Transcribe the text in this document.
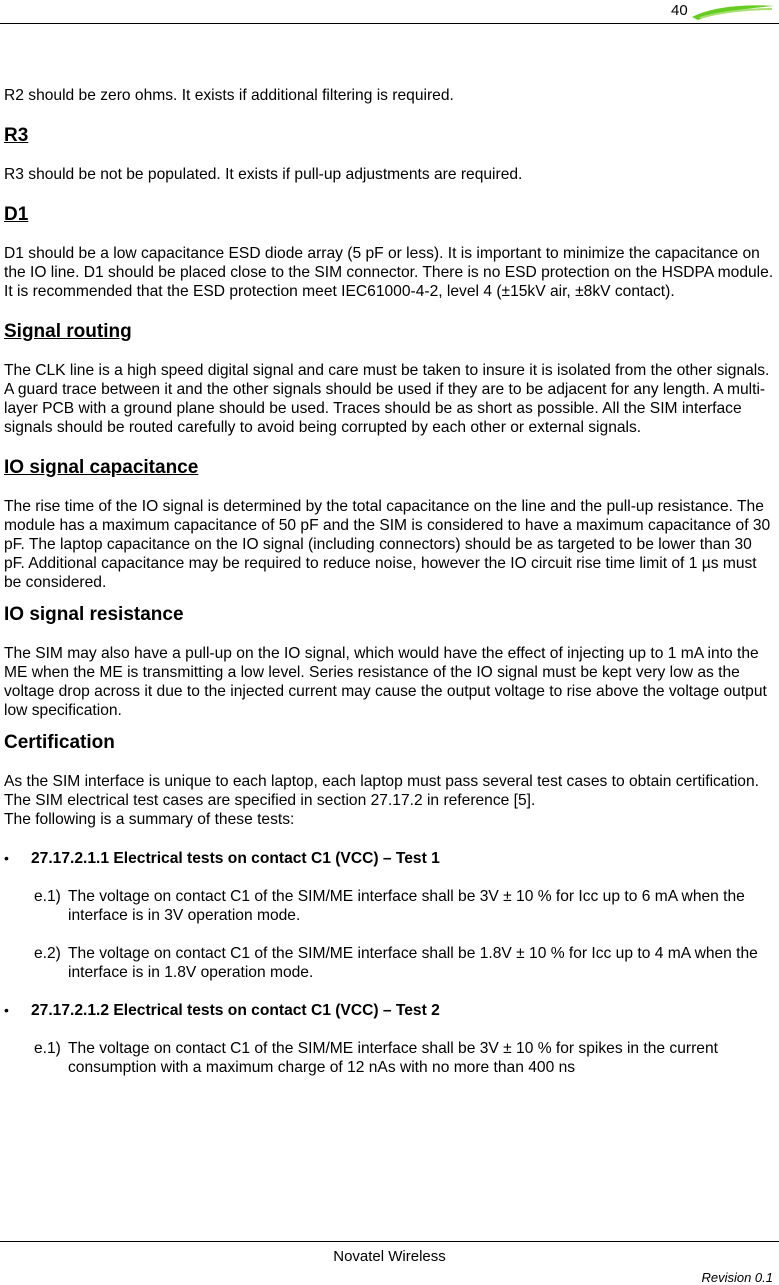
40

R2 should be zero ohms. It exists if additional filtering is required.

R3

R3 should be not be populated. It exists if pull-up adjustments are required.

D1

D1 should be a low capacitance ESD diode array (5 pF or less). It is important to minimize the capacitance on the IO line. D1 should be placed close to the SIM connector. There is no ESD protection on the HSDPA module. It is recommended that the ESD protection meet IEC61000-4-2, level 4 (±15kV air, ±8kV contact).

Signal routing

The CLK line is a high speed digital signal and care must be taken to insure it is isolated from the other signals. A guard trace between it and the other signals should be used if they are to be adjacent for any length. A multi-layer PCB with a ground plane should be used. Traces should be as short as possible. All the SIM interface signals should be routed carefully to avoid being corrupted by each other or external signals.

IO signal capacitance

The rise time of the IO signal is determined by the total capacitance on the line and the pull-up resistance. The module has a maximum capacitance of 50 pF and the SIM is considered to have a maximum capacitance of 30 pF. The laptop capacitance on the IO signal (including connectors) should be as targeted to be lower than 30 pF. Additional capacitance may be required to reduce noise, however the IO circuit rise time limit of 1 µs must be considered.

IO signal resistance

The SIM may also have a pull-up on the IO signal, which would have the effect of injecting up to 1 mA into the ME when the ME is transmitting a low level. Series resistance of the IO signal must be kept very low as the voltage drop across it due to the injected current may cause the output voltage to rise above the voltage output low specification.

Certification

As the SIM interface is unique to each laptop, each laptop must pass several test cases to obtain certification. The SIM electrical test cases are specified in section 27.17.2 in reference [5].

The following is a summary of these tests:

•	27.17.2.1.1 Electrical tests on contact C1 (VCC) – Test 1
e.1) The voltage on contact C1 of the SIM/ME interface shall be 3V ± 10 % for Icc up to 6 mA when the interface is in 3V operation mode.
e.2) The voltage on contact C1 of the SIM/ME interface shall be 1.8V ± 10 % for Icc up to 4 mA when the interface is in 1.8V operation mode.
•	27.17.2.1.2 Electrical tests on contact C1 (VCC) – Test 2
e.1) The voltage on contact C1 of the SIM/ME interface shall be 3V ± 10 % for spikes in the current consumption with a maximum charge of 12 nAs with no more than 400 ns
Novatel Wireless
Revision 0.1
